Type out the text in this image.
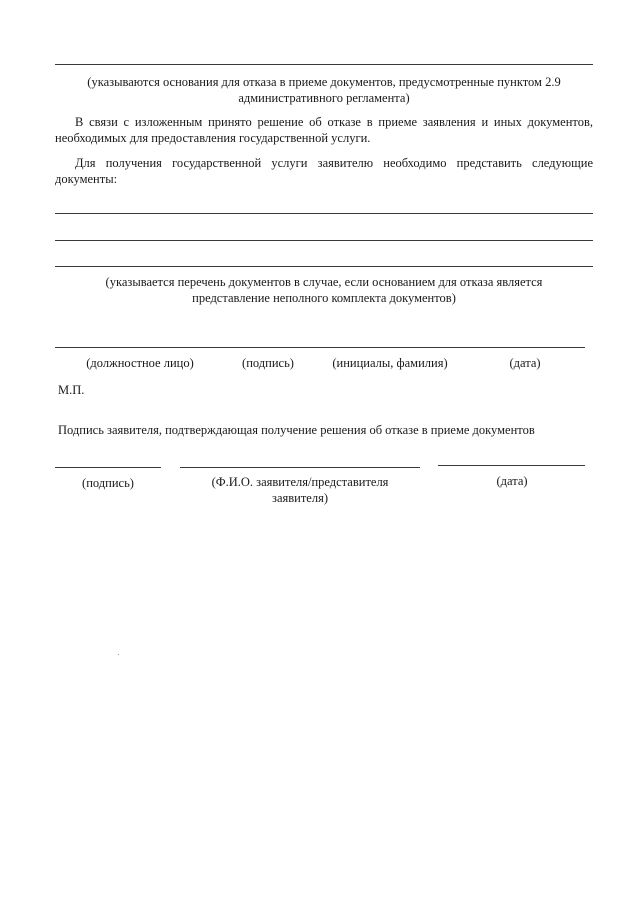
(указываются основания для отказа в приеме документов, предусмотренные пунктом 2.9 административного регламента)
В связи с изложенным принято решение об отказе в приеме заявления и иных документов, необходимых для предоставления государственной услуги.
Для получения государственной услуги заявителю необходимо представить следующие документы:
(указывается перечень документов в случае, если основанием для отказа является представление неполного комплекта документов)
(должностное лицо)	(подпись)	(инициалы, фамилия)	(дата)
М.П.
Подпись заявителя, подтверждающая получение решения об отказе в приеме документов
(подпись)	(Ф.И.О. заявителя/представителя заявителя)
(дата)
